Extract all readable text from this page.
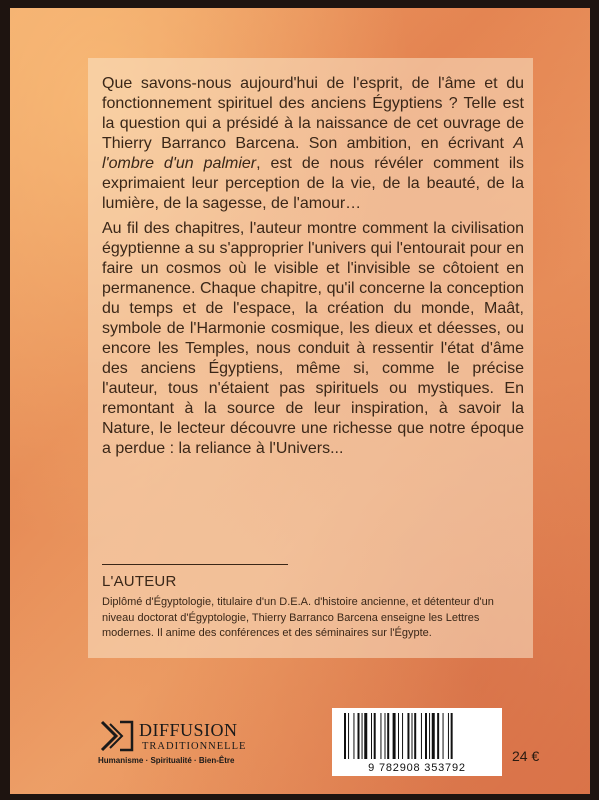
Que savons-nous aujourd'hui de l'esprit, de l'âme et du fonctionnement spirituel des anciens Égyptiens ? Telle est la question qui a présidé à la naissance de cet ouvrage de Thierry Barranco Barcena. Son ambition, en écrivant A l'ombre d'un palmier, est de nous révéler comment ils exprimaient leur perception de la vie, de la beauté, de la lumière, de la sagesse, de l'amour…

Au fil des chapitres, l'auteur montre comment la civilisation égyptienne a su s'approprier l'univers qui l'entourait pour en faire un cosmos où le visible et l'invisible se côtoient en permanence. Chaque chapitre, qu'il concerne la conception du temps et de l'espace, la création du monde, Maât, symbole de l'Harmonie cosmique, les dieux et déesses, ou encore les Temples, nous conduit à ressentir l'état d'âme des anciens Égyptiens, même si, comme le précise l'auteur, tous n'étaient pas spirituels ou mystiques. En remontant à la source de leur inspiration, à savoir la Nature, le lecteur découvre une richesse que notre époque a perdue : la reliance à l'Univers...

L'AUTEUR
Diplômé d'Égyptologie, titulaire d'un D.E.A. d'histoire ancienne, et détenteur d'un niveau doctorat d'Égyptologie, Thierry Barranco Barcena enseigne les Lettres modernes. Il anime des conférences et des séminaires sur l'Égypte.
DIFFUSION
TRADITIONNELLE
Humanisme · Spiritualité · Bien-Être
9 782908 353792
24 €
